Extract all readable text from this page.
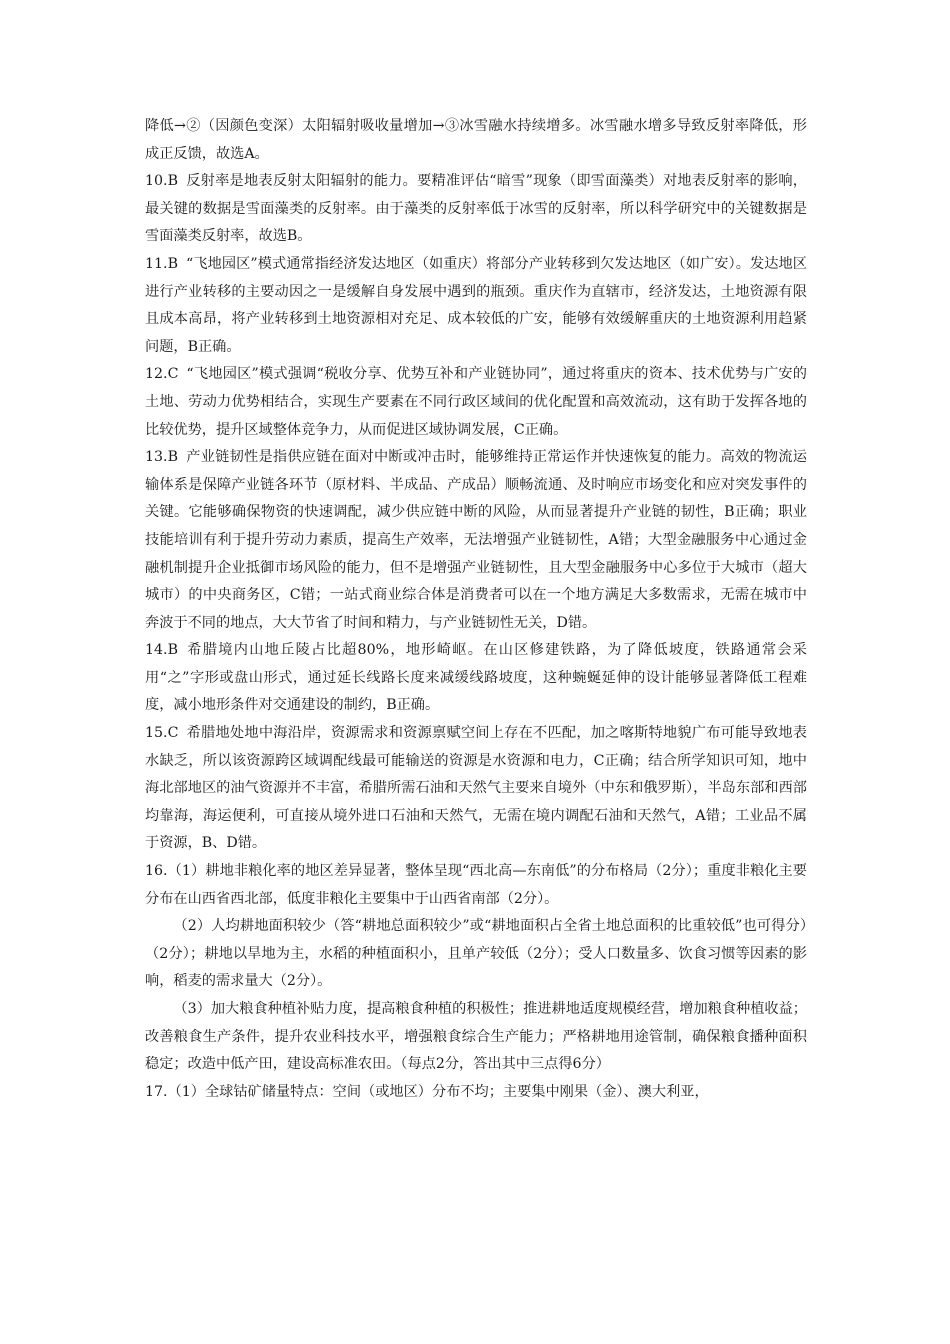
降低→②（因颜色变深）太阳辐射吸收量增加→③冰雪融水持续增多。冰雪融水增多导致反射率降低，形成正反馈，故选A。

10.B 反射率是地表反射太阳辐射的能力。要精准评估“暗雪”现象（即雪面藻类）对地表反射率的影响，最关键的数据是雪面藻类的反射率。由于藻类的反射率低于冰雪的反射率，所以科学研究中的关键数据是雪面藻类反射率，故选B。

11.B “飞地园区”模式通常指经济发达地区（如重庆）将部分产业转移到欠发达地区（如广安）。发达地区进行产业转移的主要动因之一是缓解自身发展中遇到的瓶颈。重庆作为直辖市，经济发达，土地资源有限且成本高昂，将产业转移到土地资源相对充足、成本较低的广安，能够有效缓解重庆的土地资源利用趋紧问题，B正确。

12.C “飞地园区”模式强调“税收分享、优势互补和产业链协同”，通过将重庆的资本、技术优势与广安的土地、劳动力优势相结合，实现生产要素在不同行政区域间的优化配置和高效流动，这有助于发挥各地的比较优势，提升区域整体竞争力，从而促进区域协调发展，C正确。

13.B 产业链韧性是指供应链在面对中断或冲击时，能够维持正常运作并快速恢复的能力。高效的物流运输体系是保障产业链各环节（原材料、半成品、产成品）顺畅流通、及时响应市场变化和应对突发事件的关键。它能够确保物资的快速调配，减少供应链中断的风险，从而显著提升产业链的韧性，B正确；职业技能培训有利于提升劳动力素质，提高生产效率，无法增强产业链韧性，A错；大型金融服务中心通过金融机制提升企业抵御市场风险的能力，但不是增强产业链韧性，且大型金融服务中心多位于大城市（超大城市）的中央商务区，C错；一站式商业综合体是消费者可以在一个地方满足大多数需求，无需在城市中奔波于不同的地点，大大节省了时间和精力，与产业链韧性无关，D错。

14.B 希腊境内山地丘陵占比超80%，地形崎岖。在山区修建铁路，为了降低坡度，铁路通常会采用“之”字形或盘山形式，通过延长线路长度来减缓线路坡度，这种蜿蜒延伸的设计能够显著降低工程难度，减小地形条件对交通建设的制约，B正确。

15.C 希腊地处地中海沿岸，资源需求和资源禀赋空间上存在不匹配，加之喀斯特地貌广布可能导致地表水缺乏，所以该资源跨区域调配线最可能输送的资源是水资源和电力，C正确；结合所学知识可知，地中海北部地区的油气资源并不丰富，希腊所需石油和天然气主要来自境外（中东和俄罗斯），半岛东部和西部均靠海，海运便利，可直接从境外进口石油和天然气，无需在境内调配石油和天然气，A错；工业品不属于资源，B、D错。

16.（1）耕地非粮化率的地区差异显著，整体呈现“西北高—东南低”的分布格局（2分）；重度非粮化主要分布在山西省西北部，低度非粮化主要集中于山西省南部（2分）。

（2）人均耕地面积较少（答“耕地总面积较少”或“耕地面积占全省土地总面积的比重较低”也可得分）（2分）；耕地以旱地为主，水稻的种植面积小，且单产较低（2分）；受人口数量多、饮食习惯等因素的影响，稻麦的需求量大（2分）。

（3）加大粮食种植补贴力度，提高粮食种植的积极性；推进耕地适度规模经营，增加粮食种植收益；改善粮食生产条件，提升农业科技水平，增强粮食综合生产能力；严格耕地用途管制，确保粮食播种面积稳定；改造中低产田，建设高标准农田。（每点2分，答出其中三点得6分）

17.（1）全球钴矿储量特点：空间（或地区）分布不均；主要集中刚果（金）、澳大利亚，
